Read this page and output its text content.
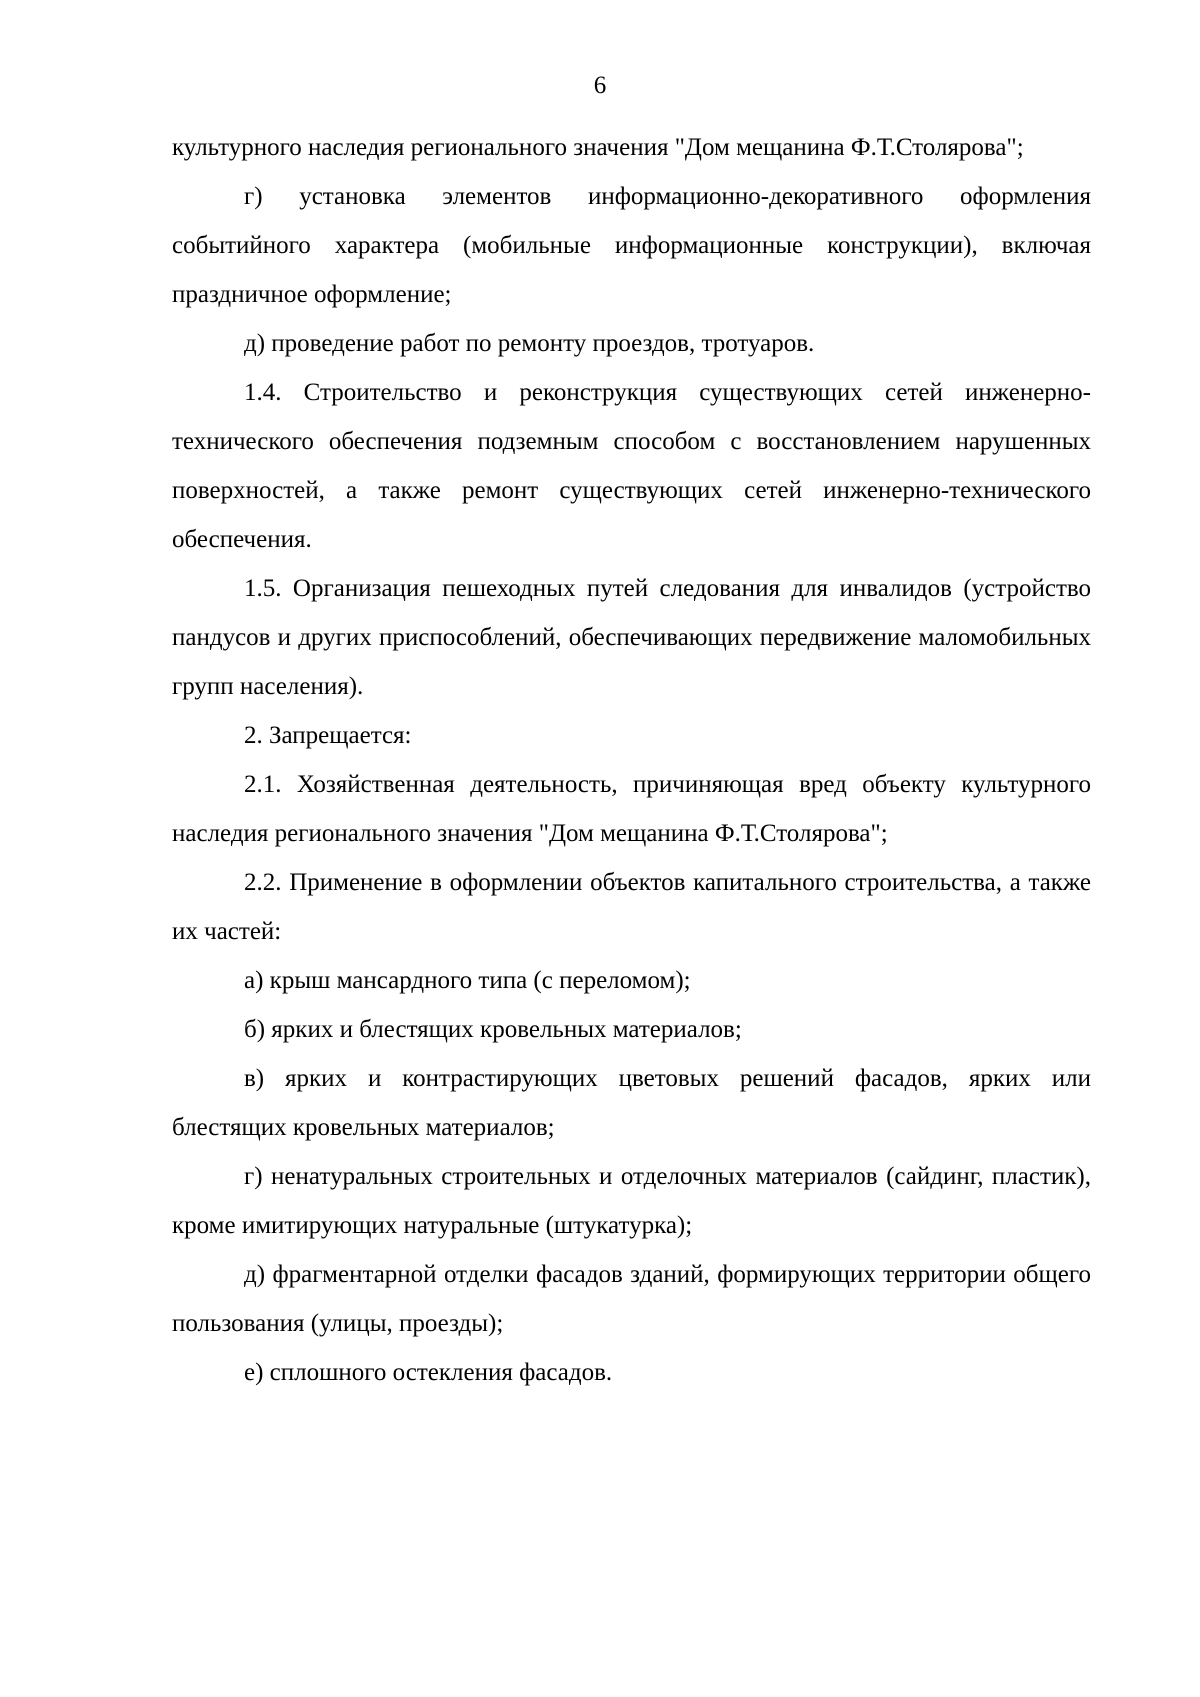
6

культурного наследия регионального значения "Дом мещанина Ф.Т.Столярова";

г) установка элементов информационно-декоративного оформления событийного характера (мобильные информационные конструкции), включая праздничное оформление;

д) проведение работ по ремонту проездов, тротуаров.

1.4. Строительство и реконструкция существующих сетей инженерно-технического обеспечения подземным способом с восстановлением нарушенных поверхностей, а также ремонт существующих сетей инженерно-технического обеспечения.

1.5. Организация пешеходных путей следования для инвалидов (устройство пандусов и других приспособлений, обеспечивающих передвижение маломобильных групп населения).

2. Запрещается:

2.1. Хозяйственная деятельность, причиняющая вред объекту культурного наследия регионального значения "Дом мещанина Ф.Т.Столярова";

2.2. Применение в оформлении объектов капитального строительства, а также их частей:

а) крыш мансардного типа (с переломом);

б) ярких и блестящих кровельных материалов;

в) ярких и контрастирующих цветовых решений фасадов, ярких или блестящих кровельных материалов;

г) ненатуральных строительных и отделочных материалов (сайдинг, пластик), кроме имитирующих натуральные (штукатурка);

д) фрагментарной отделки фасадов зданий, формирующих территории общего пользования (улицы, проезды);

е) сплошного остекления фасадов.
